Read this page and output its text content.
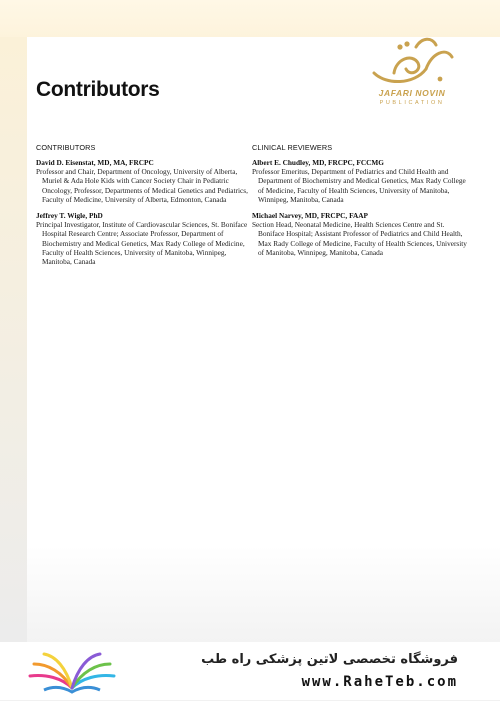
Contributors	JAFARI NOVIN
PUBLICATION
CONTRIBUTORS
David D. Eisenstat, MD, MA, FRCPC
Professor and Chair, Department of Oncology, University of Alberta, Muriel & Ada Hole Kids with Cancer Society Chair in Pediatric Oncology, Professor, Departments of Medical Genetics and Pediatrics, Faculty of Medicine, University of Alberta, Edmonton, Canada
Jeffrey T. Wigle, PhD
Principal Investigator, Institute of Cardiovascular Sciences, St. Boniface Hospital Research Centre; Associate Professor, Department of Biochemistry and Medical Genetics, Max Rady College of Medicine, Faculty of Health Sciences, University of Manitoba, Winnipeg, Manitoba, Canada
CLINICAL REVIEWERS
Albert E. Chudley, MD, FRCPC, FCCMG
Professor Emeritus, Department of Pediatrics and Child Health and Department of Biochemistry and Medical Genetics, Max Rady College of Medicine, Faculty of Health Sciences, University of Manitoba, Winnipeg, Manitoba, Canada
Michael Narvey, MD, FRCPC, FAAP
Section Head, Neonatal Medicine, Health Sciences Centre and St. Boniface Hospital; Assistant Professor of Pediatrics and Child Health, Max Rady College of Medicine, Faculty of Health Sciences, University of Manitoba, Winnipeg, Manitoba, Canada
فروشگاه تخصصی لاتین پزشکی راه طب
www.RaheTeb.com
